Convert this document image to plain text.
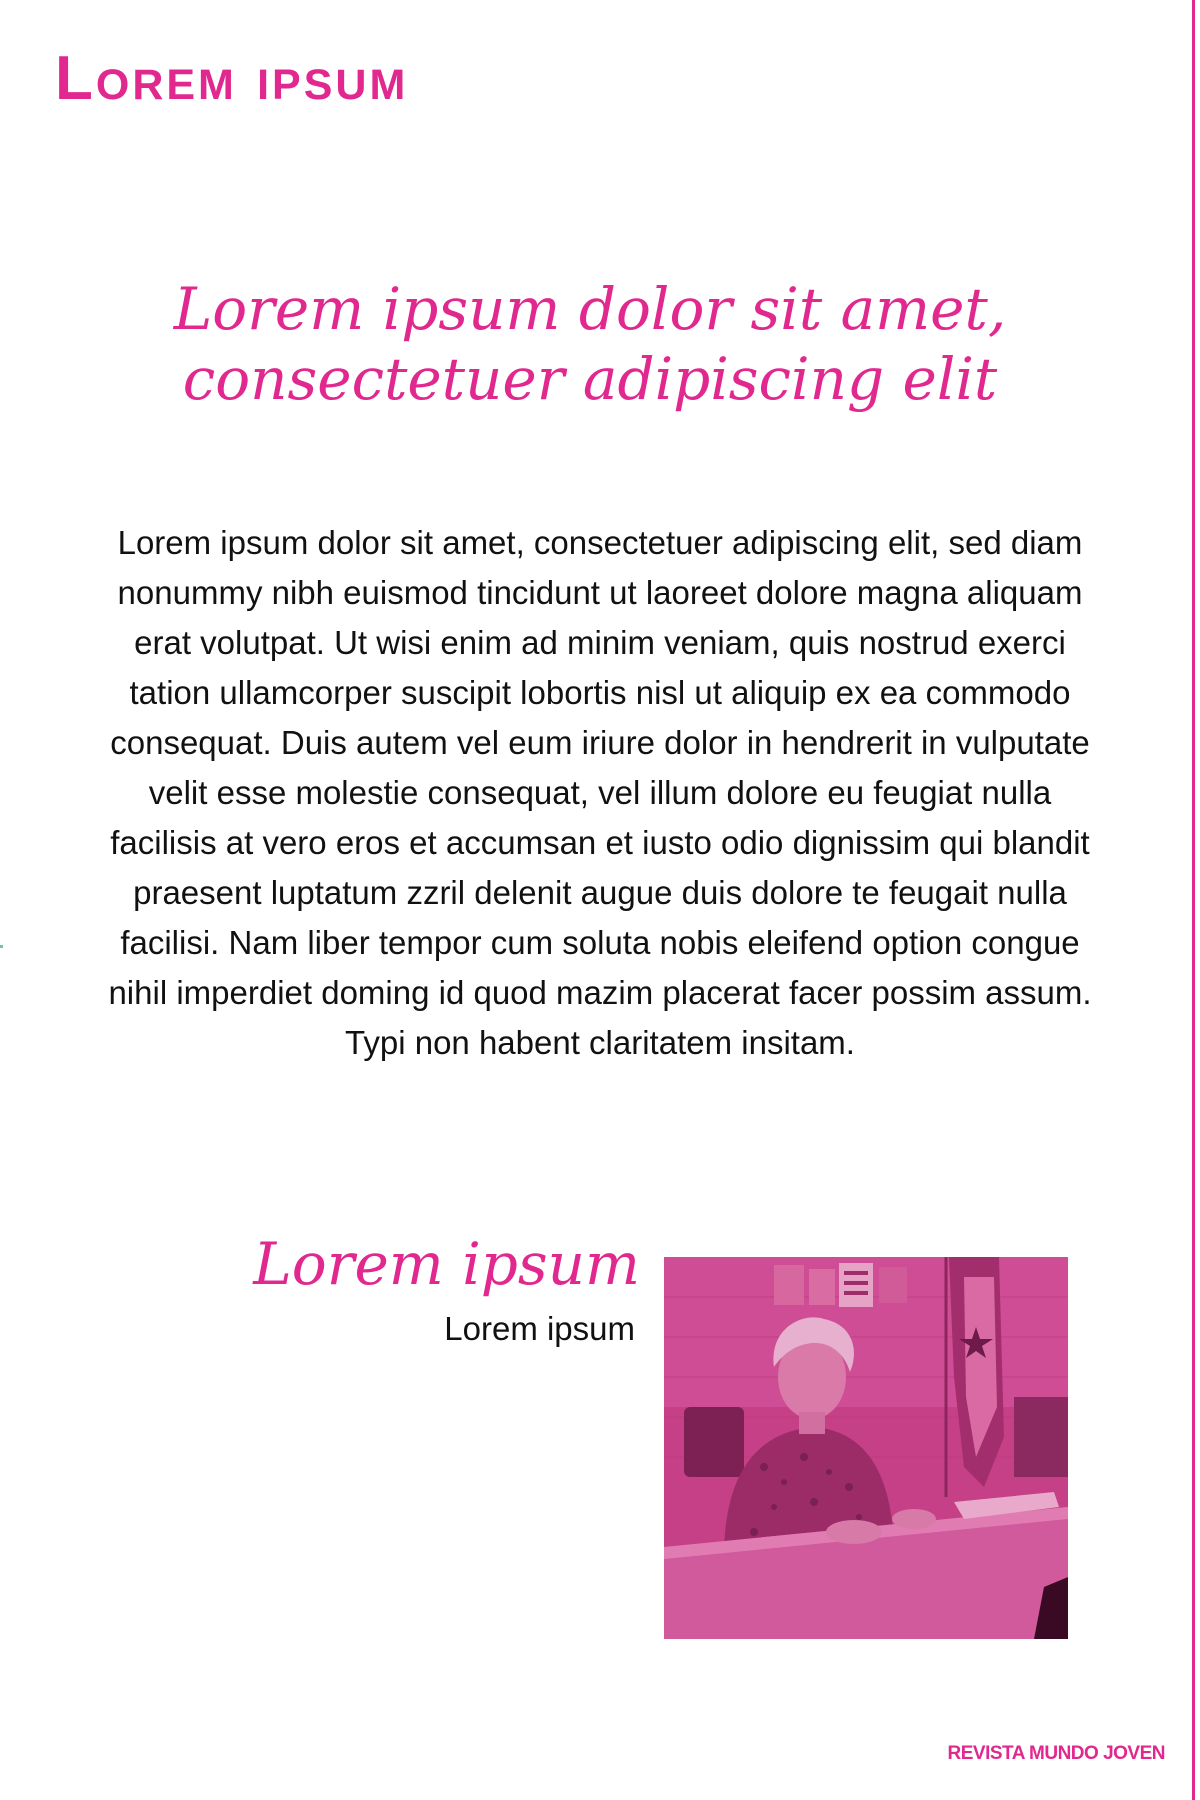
Lorem ipsum
Lorem ipsum dolor sit amet, consectetuer adipiscing elit

Lorem ipsum dolor sit amet, consectetuer adipiscing elit, sed diam nonummy nibh euismod tincidunt ut laoreet dolore magna aliquam erat volutpat. Ut wisi enim ad minim veniam, quis nostrud exerci tation ullamcorper suscipit lobortis nisl ut aliquip ex ea commodo consequat. Duis autem vel eum iriure dolor in hendrerit in vulputate velit esse molestie consequat, vel illum dolore eu feugiat nulla facilisis at vero eros et accumsan et iusto odio dignissim qui blandit praesent luptatum zzril delenit augue duis dolore te feugait nulla facilisi. Nam liber tempor cum soluta nobis eleifend option congue nihil imperdiet doming id quod mazim placerat facer possim assum. Typi non habent claritatem insitam.

Lorem ipsum
Lorem ipsum
REVISTA MUNDO JOVEN
